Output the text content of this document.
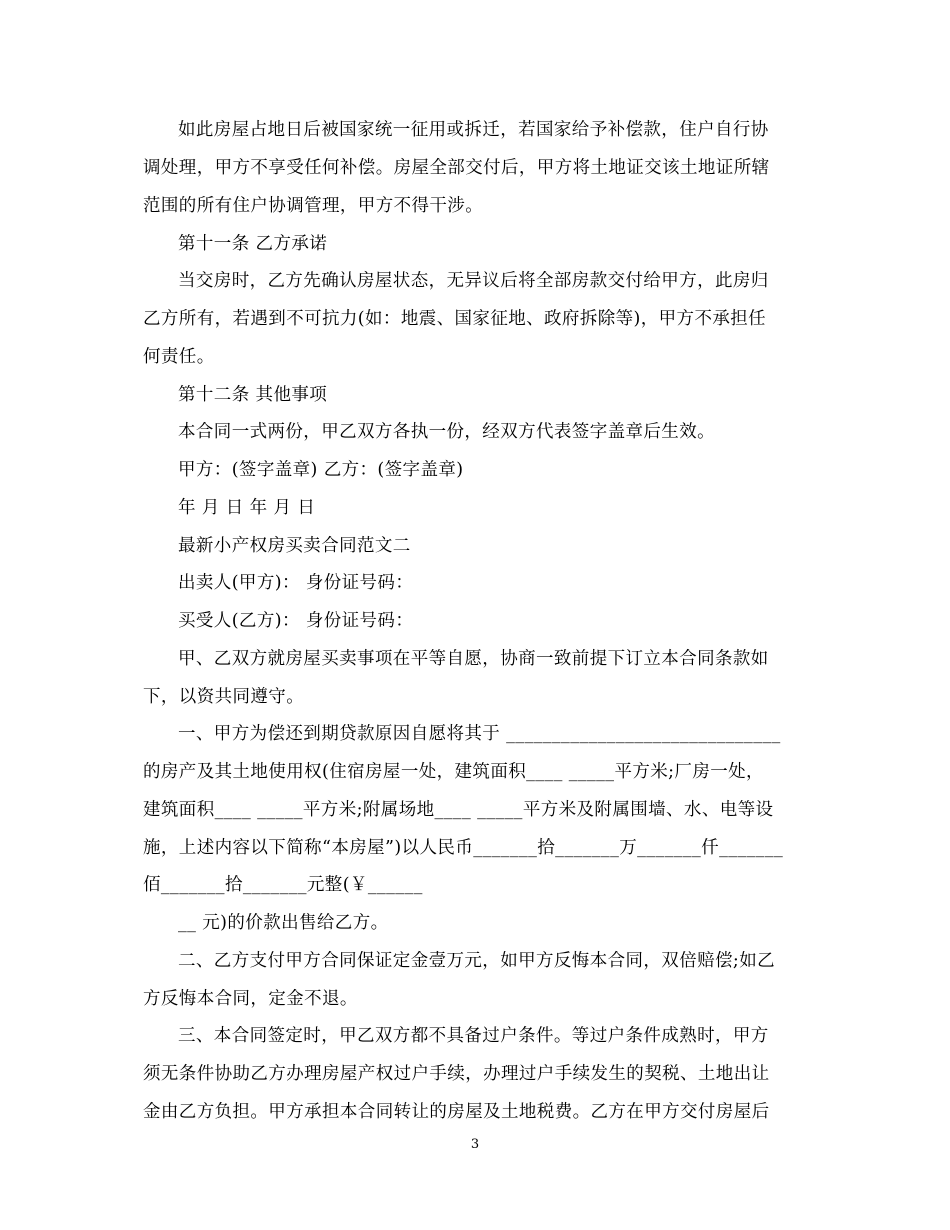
如此房屋占地日后被国家统一征用或拆迁，若国家给予补偿款，住户自行协
调处理，甲方不享受任何补偿。房屋全部交付后，甲方将土地证交该土地证所辖
范围的所有住户协调管理，甲方不得干涉。
第十一条 乙方承诺
当交房时，乙方先确认房屋状态，无异议后将全部房款交付给甲方，此房归
乙方所有，若遇到不可抗力(如：地震、国家征地、政府拆除等)，甲方不承担任
何责任。
第十二条 其他事项
本合同一式两份，甲乙双方各执一份，经双方代表签字盖章后生效。
甲方：(签字盖章) 乙方：(签字盖章)
年 月 日 年 月 日
最新小产权房买卖合同范文二
出卖人(甲方)： 身份证号码：
买受人(乙方)： 身份证号码：
甲、乙双方就房屋买卖事项在平等自愿，协商一致前提下订立本合同条款如
下，以资共同遵守。
一、甲方为偿还到期贷款原因自愿将其于 ______________________________
的房产及其土地使用权(住宿房屋一处，建筑面积____ _____平方米;厂房一处，
建筑面积____ _____平方米;附属场地____ _____平方米及附属围墙、水、电等设
施，上述内容以下简称“本房屋”)以人民币_______拾_______万_______仟_______
佰_______拾_______元整(￥______
__ 元)的价款出售给乙方。
二、乙方支付甲方合同保证定金壹万元，如甲方反悔本合同，双倍赔偿;如乙
方反悔本合同，定金不退。
三、本合同签定时，甲乙双方都不具备过户条件。等过户条件成熟时，甲方
须无条件协助乙方办理房屋产权过户手续，办理过户手续发生的契税、土地出让
金由乙方负担。甲方承担本合同转让的房屋及土地税费。乙方在甲方交付房屋后
3
